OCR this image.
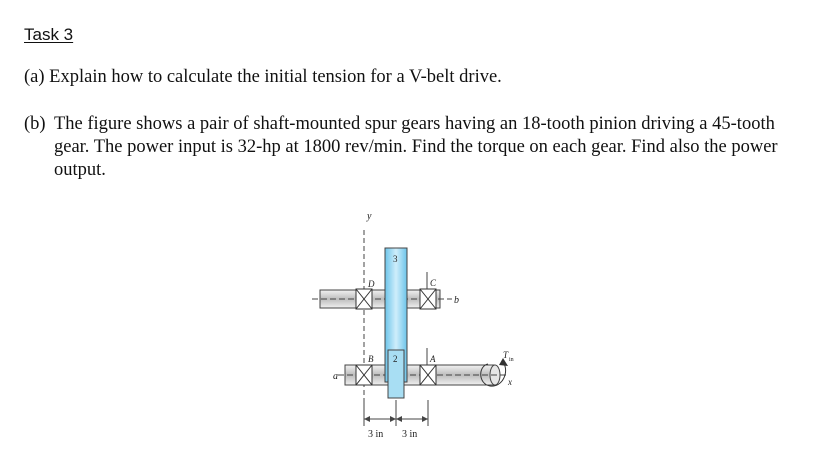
Task 3

(a) Explain how to calculate the initial tension for a V-belt drive.

(b) The figure shows a pair of shaft-mounted spur gears having an 18-tooth pinion driving a 45-tooth gear. The power input is 32-hp at 1800 rev/min. Find the torque on each gear. Find also the power output.
y
b
a
3
2
D	C
B	A	T in
x
3 in 3 in
